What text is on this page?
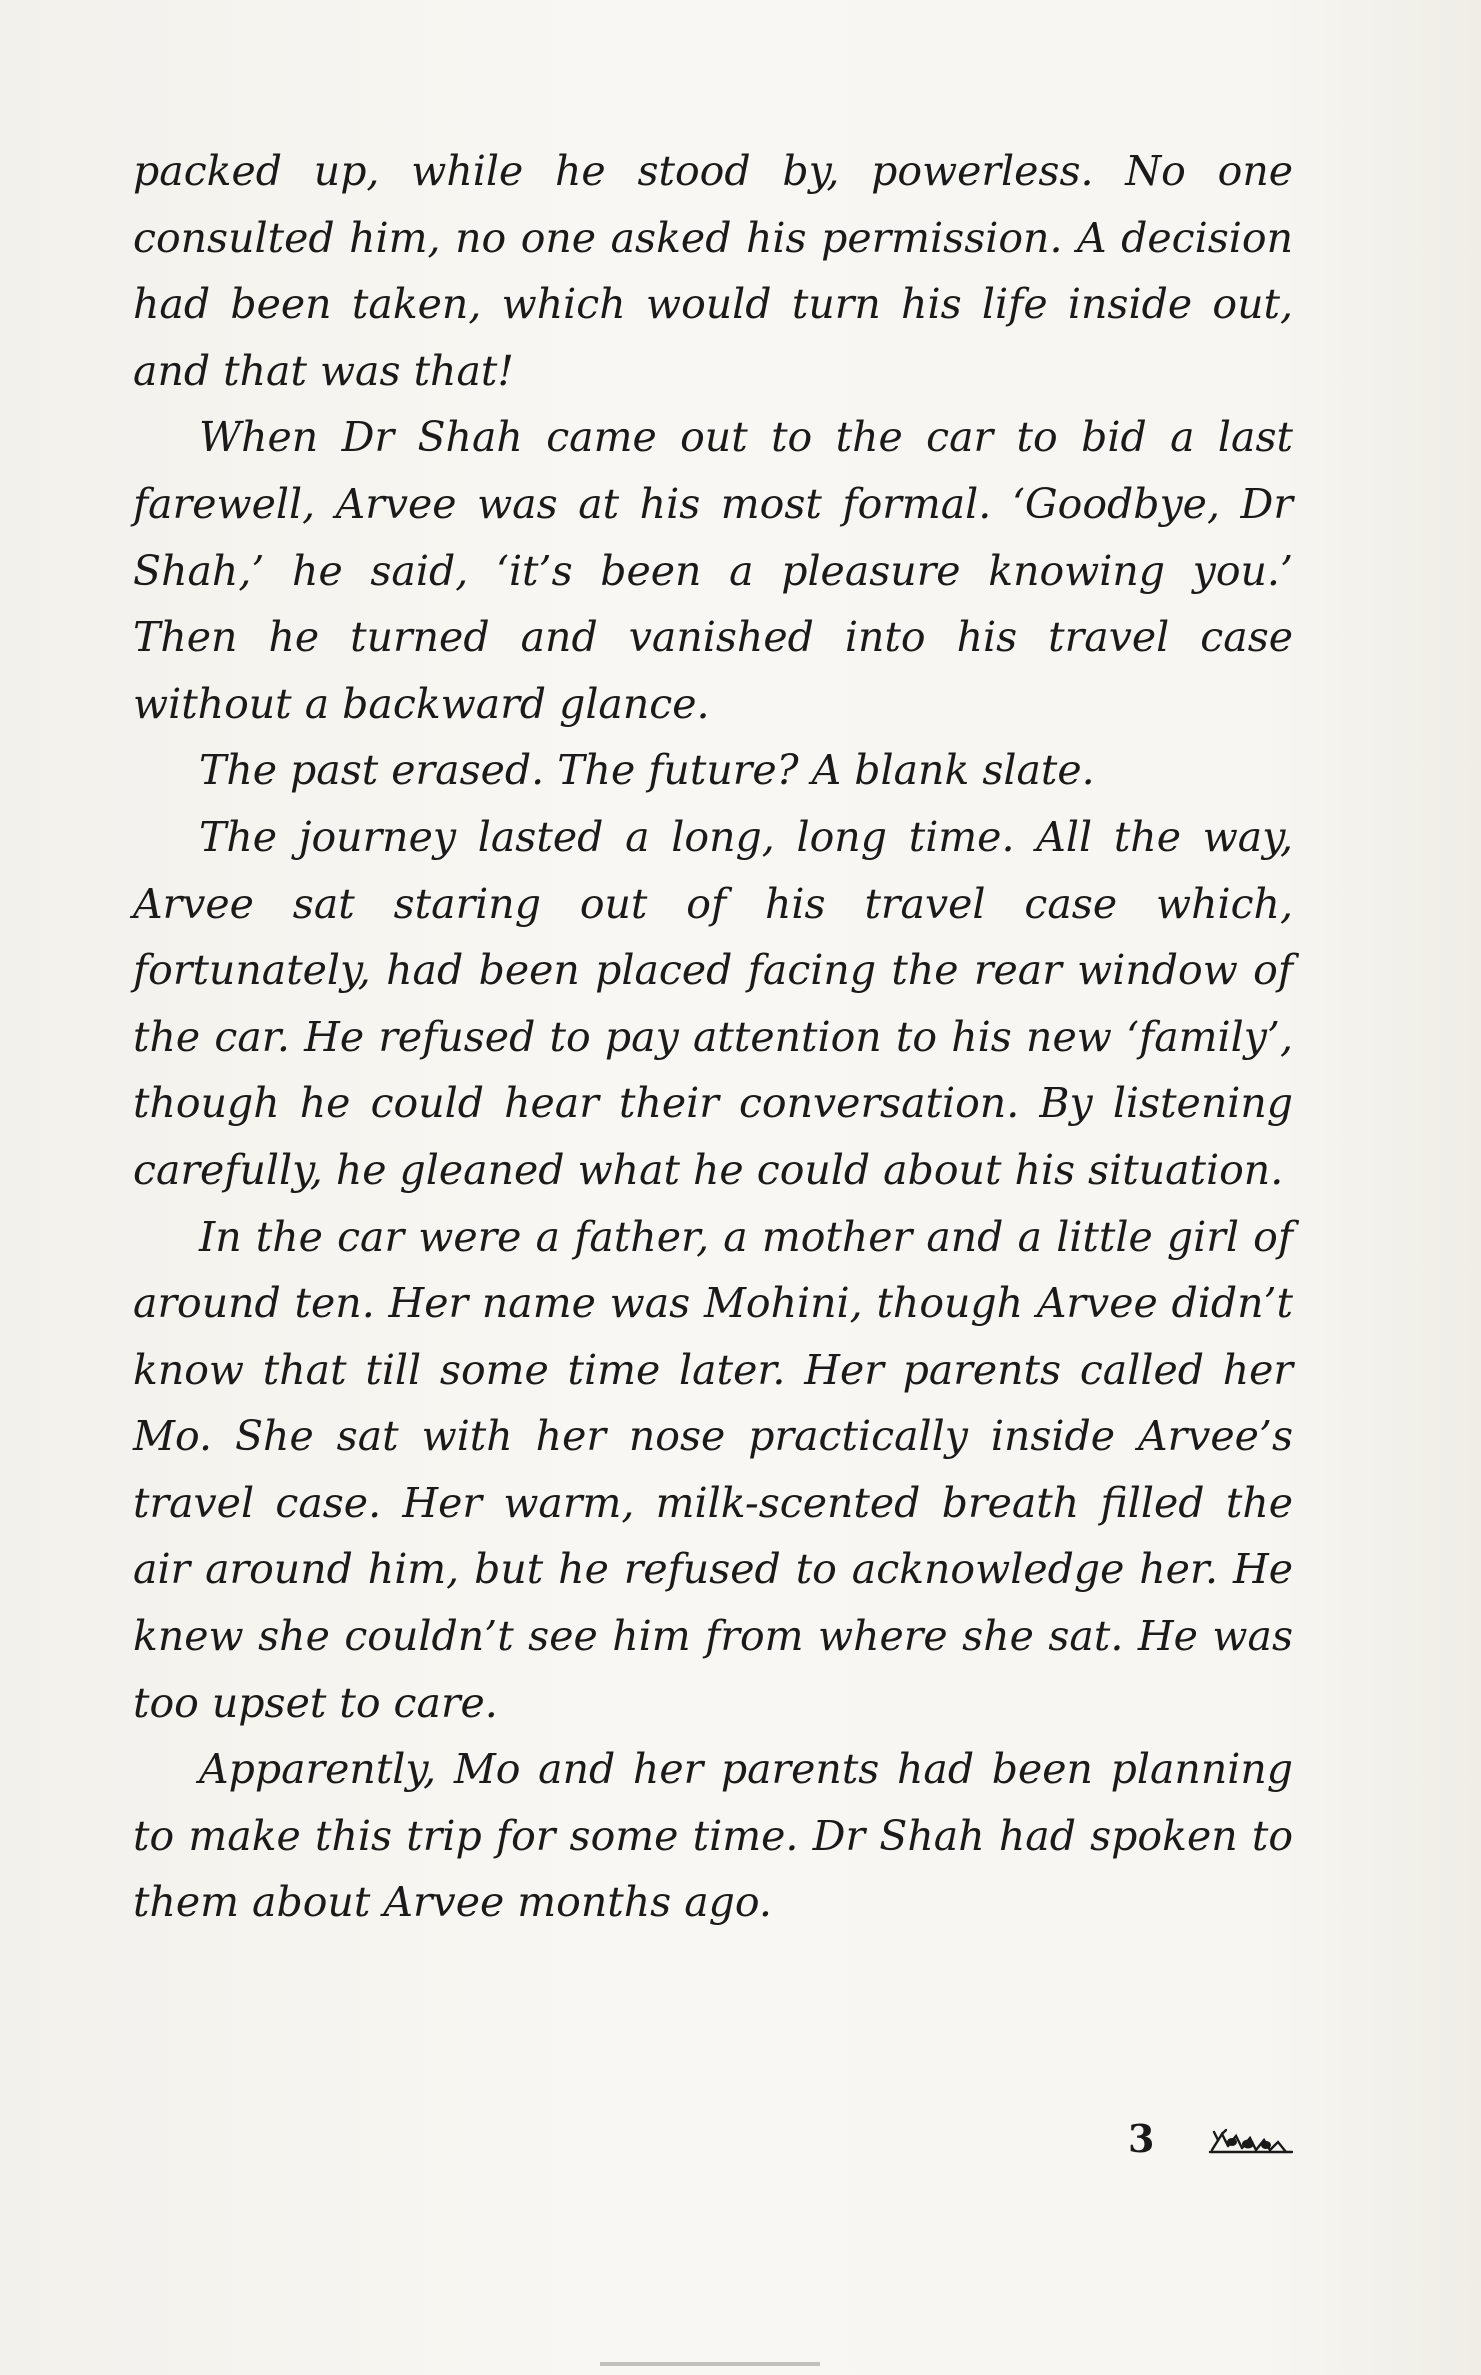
packed up, while he stood by, powerless. No one consulted him, no one asked his permission. A decision had been taken, which would turn his life inside out, and that was that!

When Dr Shah came out to the car to bid a last farewell, Arvee was at his most formal. ‘Goodbye, Dr Shah,’ he said, ‘it’s been a pleasure knowing you.’ Then he turned and vanished into his travel case without a backward glance.

The past erased. The future? A blank slate.

The journey lasted a long, long time. All the way, Arvee sat staring out of his travel case which, fortunately, had been placed facing the rear window of the car. He refused to pay attention to his new ‘family’, though he could hear their conversation. By listening carefully, he gleaned what he could about his situation.

In the car were a father, a mother and a little girl of around ten. Her name was Mohini, though Arvee didn’t know that till some time later. Her parents called her Mo. She sat with her nose practically inside Arvee’s travel case. Her warm, milk-scented breath filled the air around him, but he refused to acknowledge her. He knew she couldn’t see him from where she sat. He was too upset to care.

Apparently, Mo and her parents had been planning to make this trip for some time. Dr Shah had spoken to them about Arvee months ago.

3
